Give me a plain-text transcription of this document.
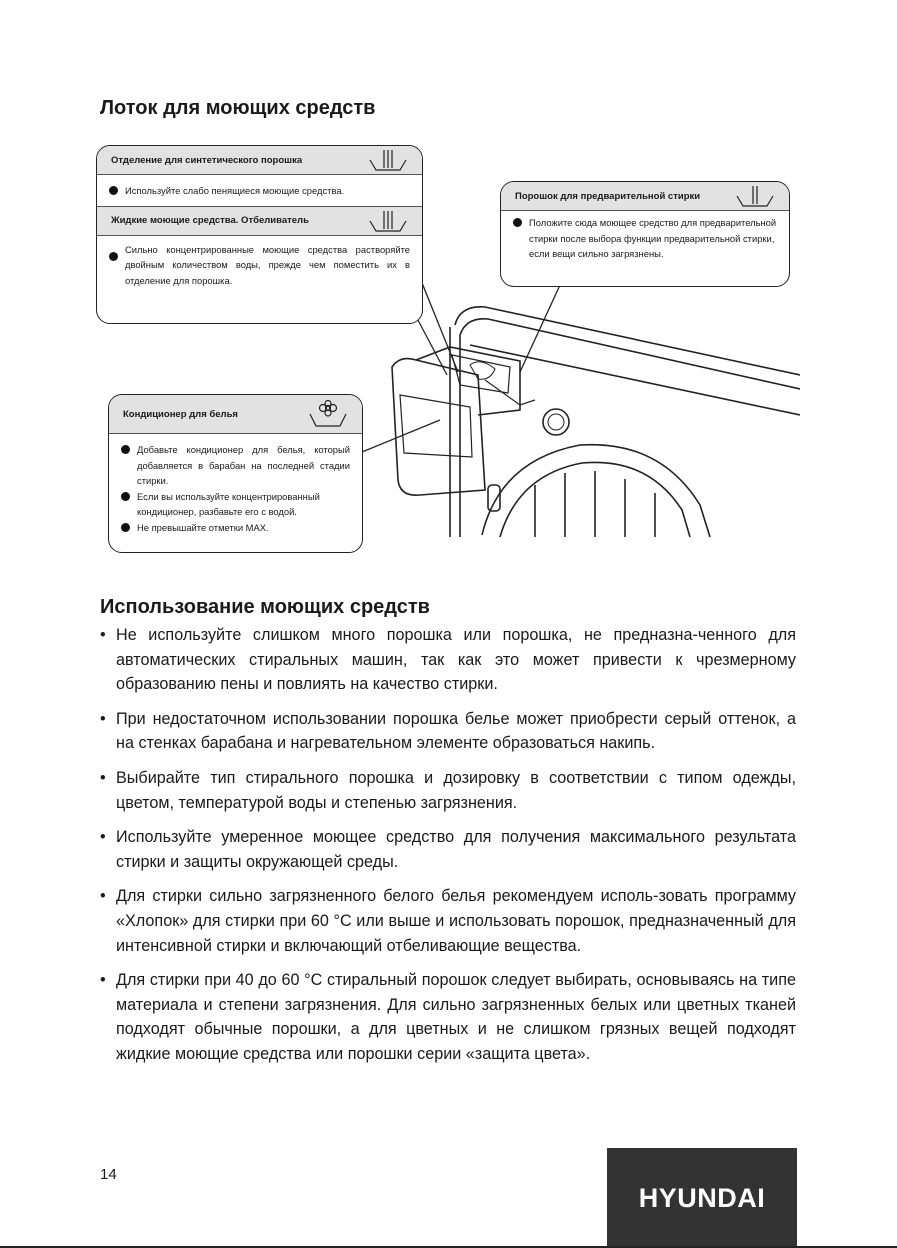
Лоток для моющих средств
Отделение для синтетического порошка
Используйте слабо пенящиеся моющие средства.
Жидкие моющие средства. Отбеливатель
Сильно концентрированные моющие средства растворяйте двойным количеством воды, прежде чем поместить их в отделение для порошка.
Порошок для предварительной стирки
Положите сюда моющее средство для предварительной стирки после выбора функции предварительной стирки, если вещи сильно загрязнены.
Кондиционер для белья
Добавьте кондиционер для белья, который добавляется в барабан на последней стадии стирки.
Если вы используйте концентрированный кондиционер, разбавьте его с водой.
Не превышайте отметки MAX.
Использование моющих средств
• Не используйте слишком много порошка или порошка, не предназна-ченного для автоматических стиральных машин, так как это может привести к чрезмерному образованию пены и повлиять на качество стирки.
• При недостаточном использовании порошка белье может приобрести серый оттенок, а на стенках барабана и нагревательном элементе образоваться накипь.
• Выбирайте тип стирального порошка и дозировку в соответствии с типом одежды, цветом, температурой воды и степенью загрязнения.
• Используйте умеренное моющее средство для получения максимального результата стирки и защиты окружающей среды.
• Для стирки сильно загрязненного белого белья рекомендуем исполь-зовать программу «Хлопок» для стирки при 60 °С или выше и использовать порошок, предназначенный для интенсивной стирки и включающий отбеливающие вещества.
• Для стирки при 40 до 60 °С стиральный порошок следует выбирать, основываясь на типе материала и степени загрязнения. Для сильно загрязненных белых или цветных тканей подходят обычные порошки, а для цветных и не слишком грязных вещей подходят жидкие моющие средства или порошки серии «защита цвета».
14
HYUNDAI
